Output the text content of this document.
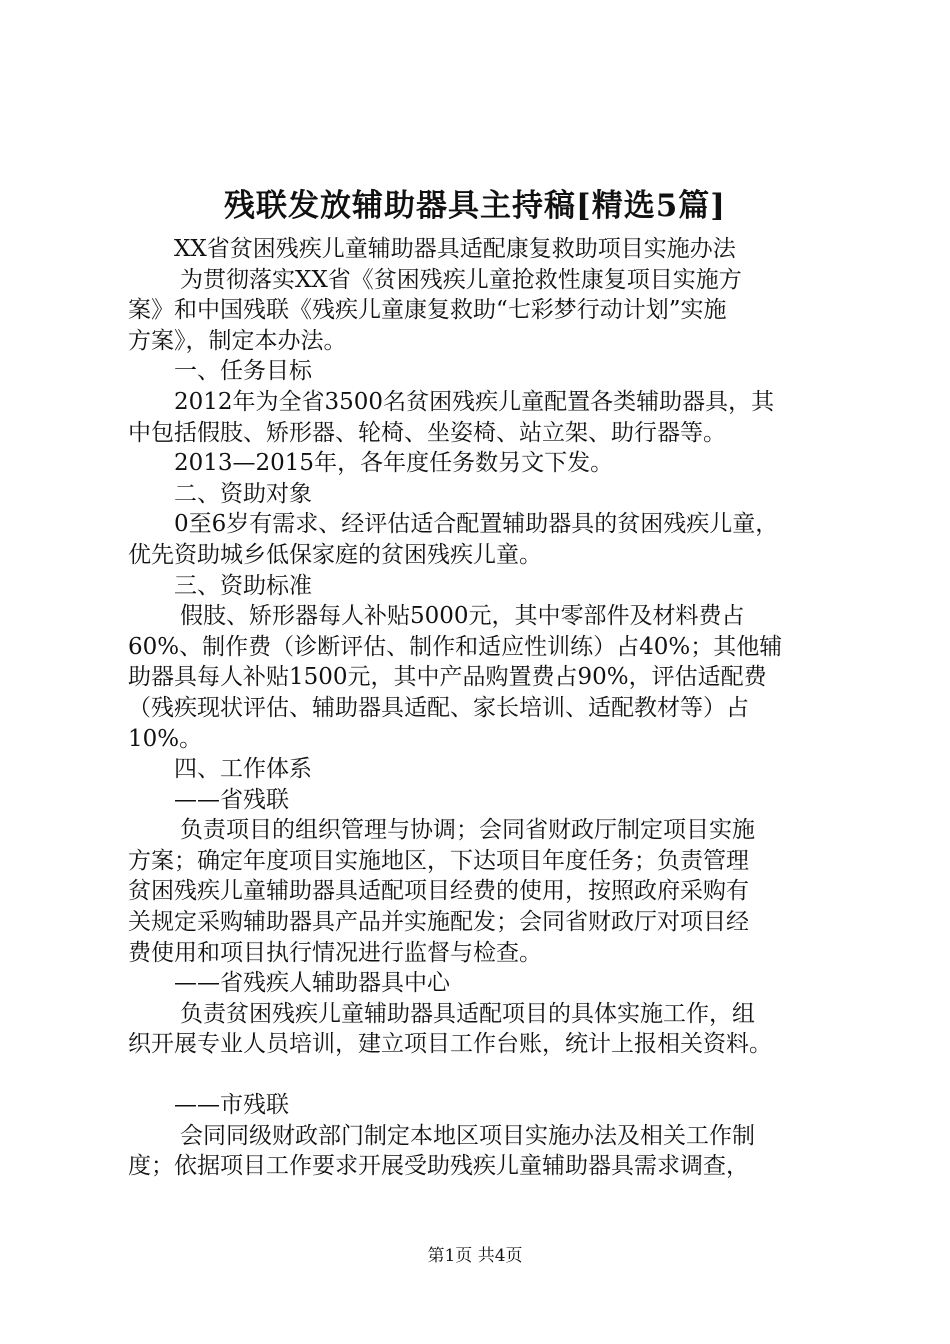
残联发放辅助器具主持稿[精选5篇]

XX省贫困残疾儿童辅助器具适配康复救助项目实施办法

为贯彻落实XX省《贫困残疾儿童抢救性康复项目实施方

案》和中国残联《残疾儿童康复救助“七彩梦行动计划”实施

方案》，制定本办法。

一、任务目标

2012年为全省3500名贫困残疾儿童配置各类辅助器具，其

中包括假肢、矫形器、轮椅、坐姿椅、站立架、助行器等。

2013—2015年，各年度任务数另文下发。

二、资助对象

0至6岁有需求、经评估适合配置辅助器具的贫困残疾儿童，

优先资助城乡低保家庭的贫困残疾儿童。

三、资助标准

假肢、矫形器每人补贴5000元，其中零部件及材料费占

60%、制作费（诊断评估、制作和适应性训练）占40%；其他辅

助器具每人补贴1500元，其中产品购置费占90%，评估适配费

（残疾现状评估、辅助器具适配、家长培训、适配教材等）占

10%。

四、工作体系

——省残联

负责项目的组织管理与协调；会同省财政厅制定项目实施

方案；确定年度项目实施地区，下达项目年度任务；负责管理

贫困残疾儿童辅助器具适配项目经费的使用，按照政府采购有

关规定采购辅助器具产品并实施配发；会同省财政厅对项目经

费使用和项目执行情况进行监督与检查。

——省残疾人辅助器具中心

负责贫困残疾儿童辅助器具适配项目的具体实施工作，组

织开展专业人员培训，建立项目工作台账，统计上报相关资料。

——市残联

会同同级财政部门制定本地区项目实施办法及相关工作制

度；依据项目工作要求开展受助残疾儿童辅助器具需求调查，

第1页 共4页
